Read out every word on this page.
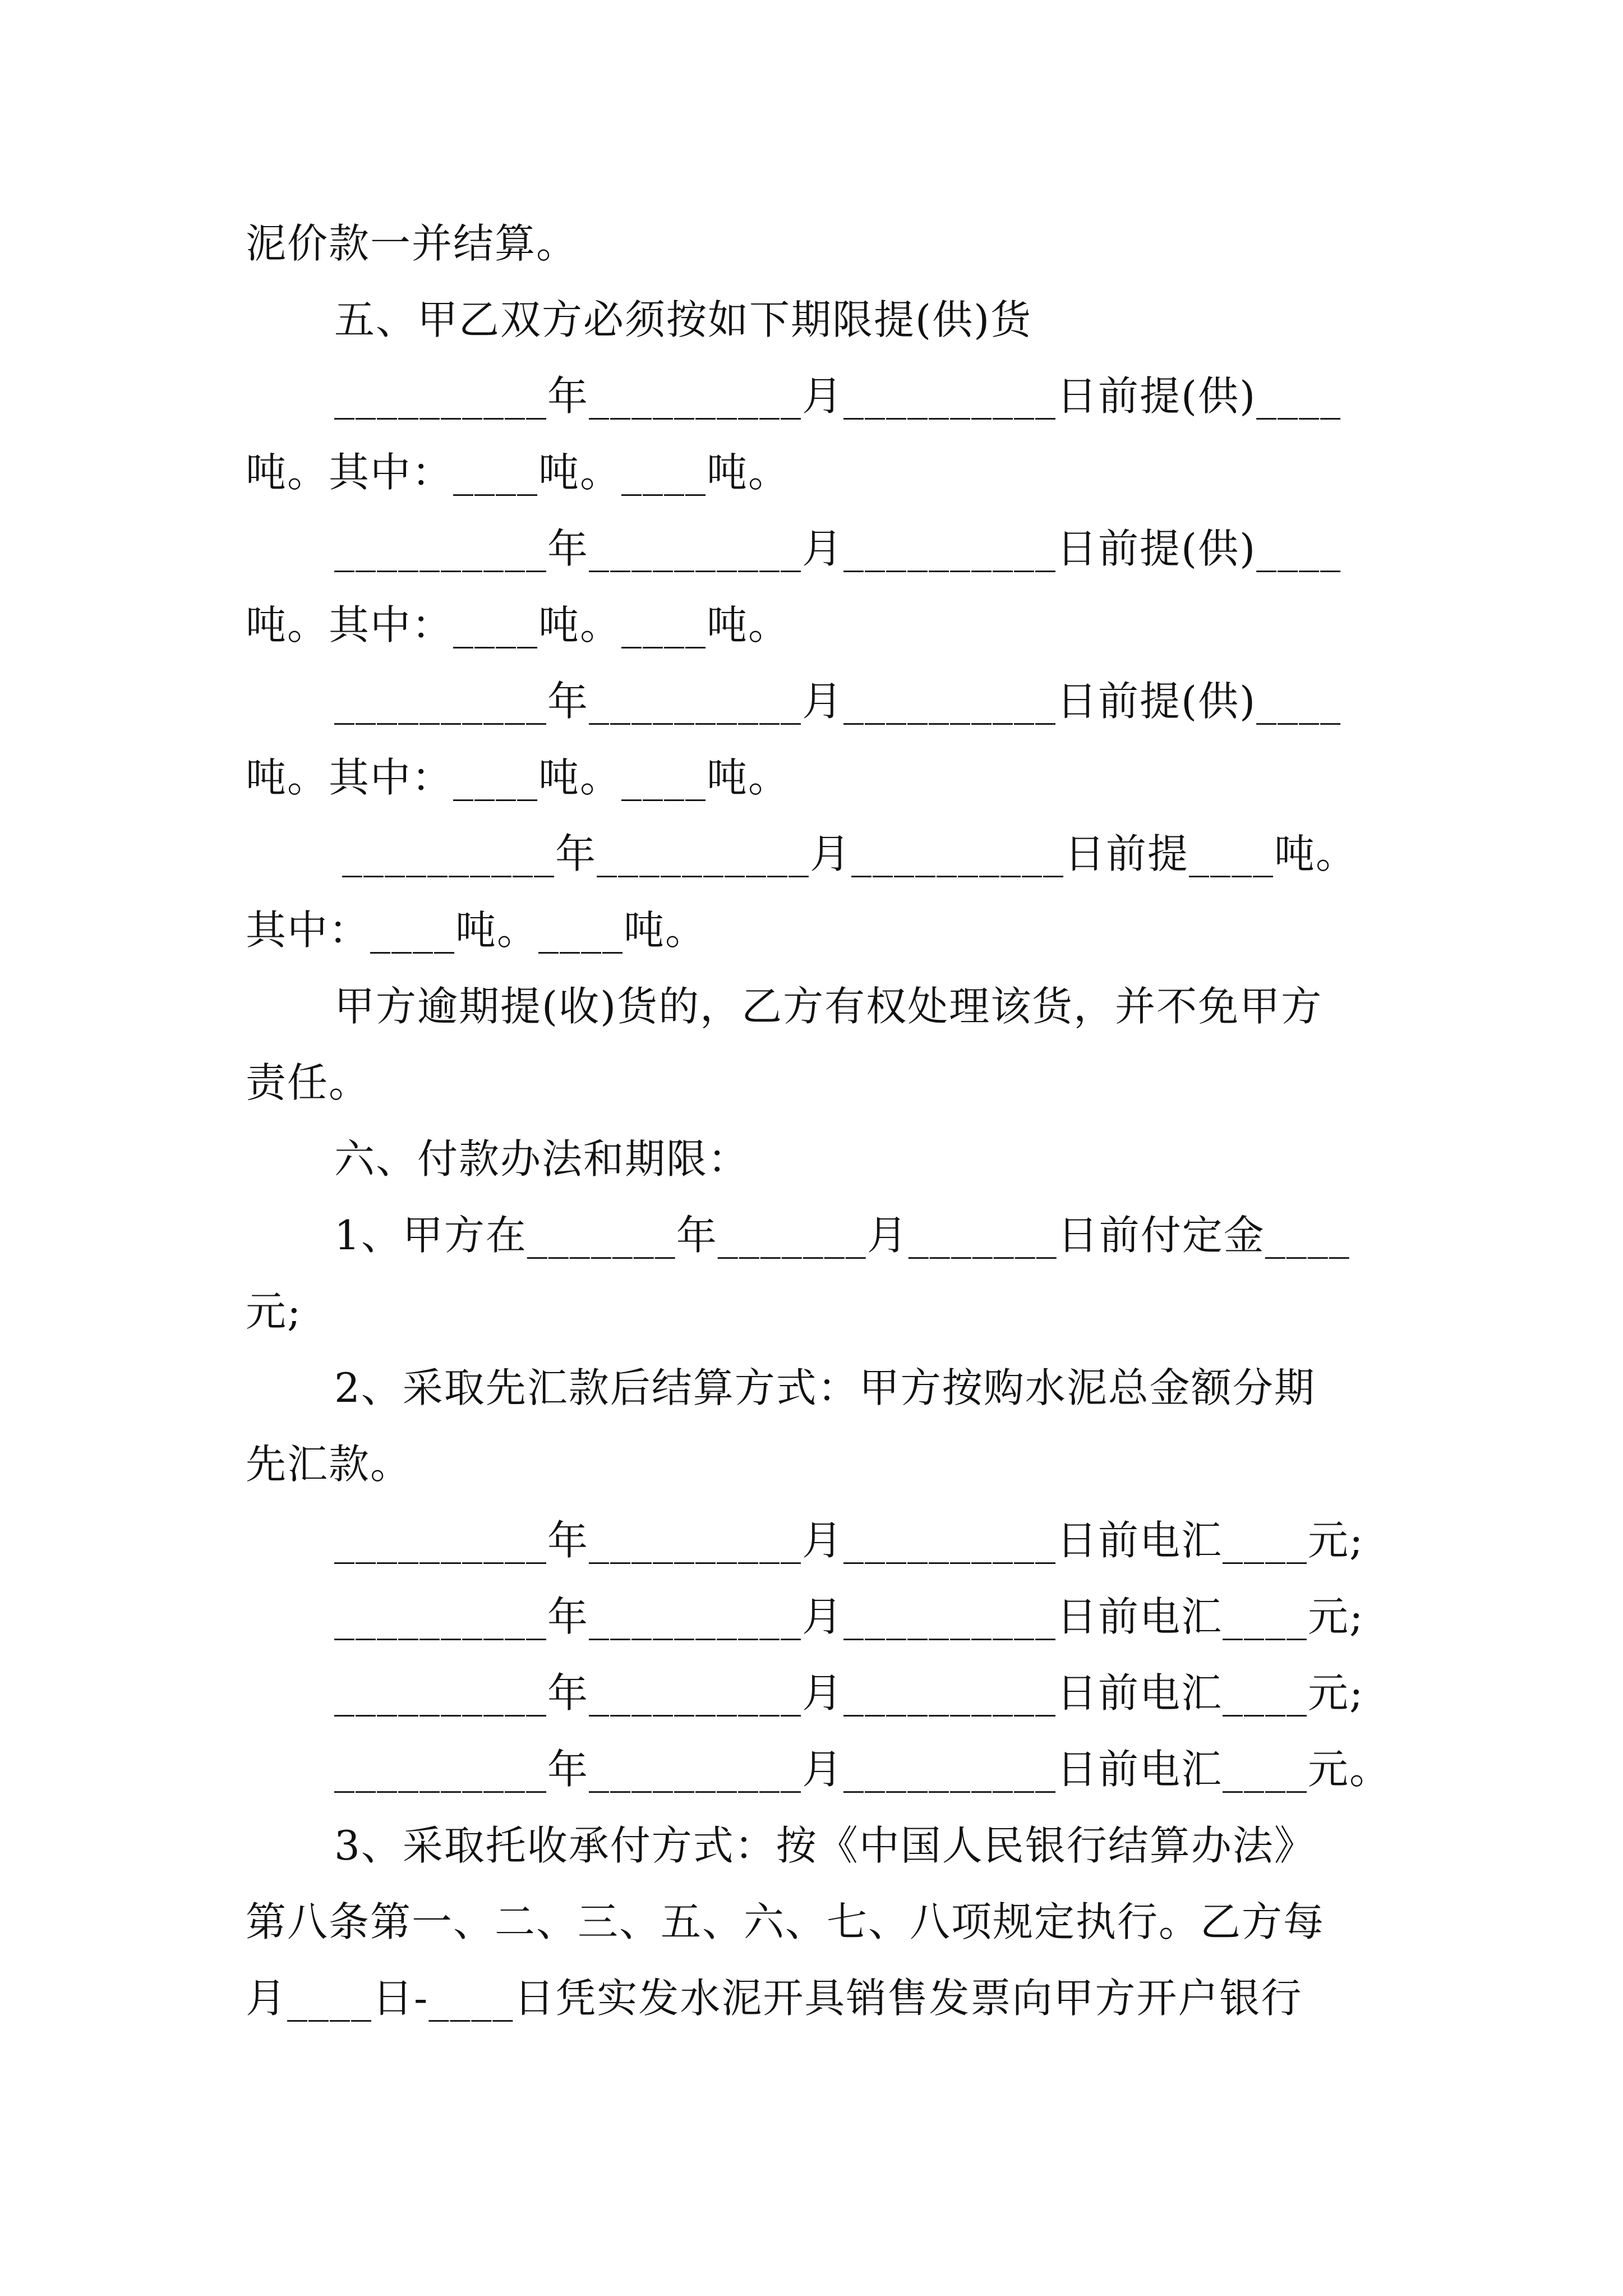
泥价款一并结算。
五、甲乙双方必须按如下期限提(供)货
__________年__________月__________日前提(供)____
吨。其中：____吨。____吨。
__________年__________月__________日前提(供)____
吨。其中：____吨。____吨。
__________年__________月__________日前提(供)____
吨。其中：____吨。____吨。
__________年__________月__________日前提____吨。
其中：____吨。____吨。
甲方逾期提(收)货的，乙方有权处理该货，并不免甲方
责任。
六、付款办法和期限：
1、甲方在_______年_______月_______日前付定金____
元;
2、采取先汇款后结算方式：甲方按购水泥总金额分期
先汇款。
__________年__________月__________日前电汇____元;
__________年__________月__________日前电汇____元;
__________年__________月__________日前电汇____元;
__________年__________月__________日前电汇____元。
3、采取托收承付方式：按《中国人民银行结算办法》
第八条第一、二、三、五、六、七、八项规定执行。乙方每
月____日-____日凭实发水泥开具销售发票向甲方开户银行
